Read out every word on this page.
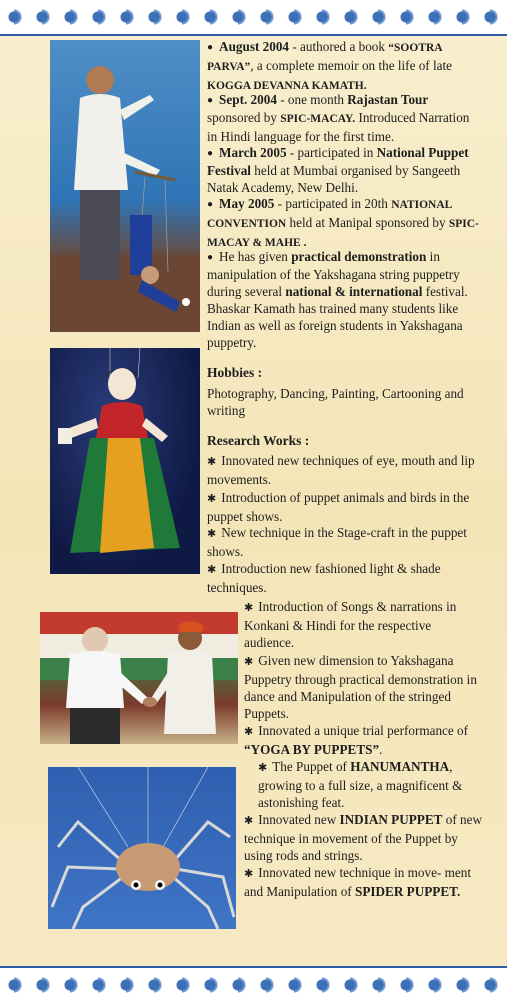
● August 2004 - authored a book “SOOTRA PARVA”, a complete memoir on the life of late KOGGA DEVANNA KAMATH.
● Sept. 2004 - one month Rajastan Tour sponsored by SPIC-MACAY. Introduced Narration in Hindi language for the first time.
● March 2005 - participated in National Puppet Festival held at Mumbai organised by Sangeeth Natak Academy, New Delhi.
● May 2005 - participated in 20th NATIONAL CONVENTION held at Manipal sponsored by SPIC-MACAY & MAHE .
● He has given practical demonstration in manipulation of the Yakshagana string puppetry during several national & international festival. Bhaskar Kamath has trained many students like Indian as well as foreign students in Yakshagana puppetry.
Hobbies :
Photography, Dancing, Painting, Cartooning and writing
Research Works :
✱ Innovated new techniques of eye, mouth and lip movements.
✱ Introduction of puppet animals and birds in the puppet shows.
✱ New technique in the Stage-craft in the puppet shows.
✱ Introduction new fashioned light & shade techniques.
✱ Introduction of Songs & narrations in Konkani & Hindi for the respective audience.
✱ Given new dimension to Yakshagana Puppetry through practical demonstration in dance and Manipulation of the stringed Puppets.
✱ Innovated a unique trial performance of “YOGA BY PUPPETS”.
✱ The Puppet of HANUMANTHA, growing to a full size, a magnificent & astonishing feat.
✱ Innovated new INDIAN PUPPET of new technique in movement of the Puppet by using rods and strings.
✱ Innovated new technique in move- ment and Manipulation of SPIDER PUPPET.
